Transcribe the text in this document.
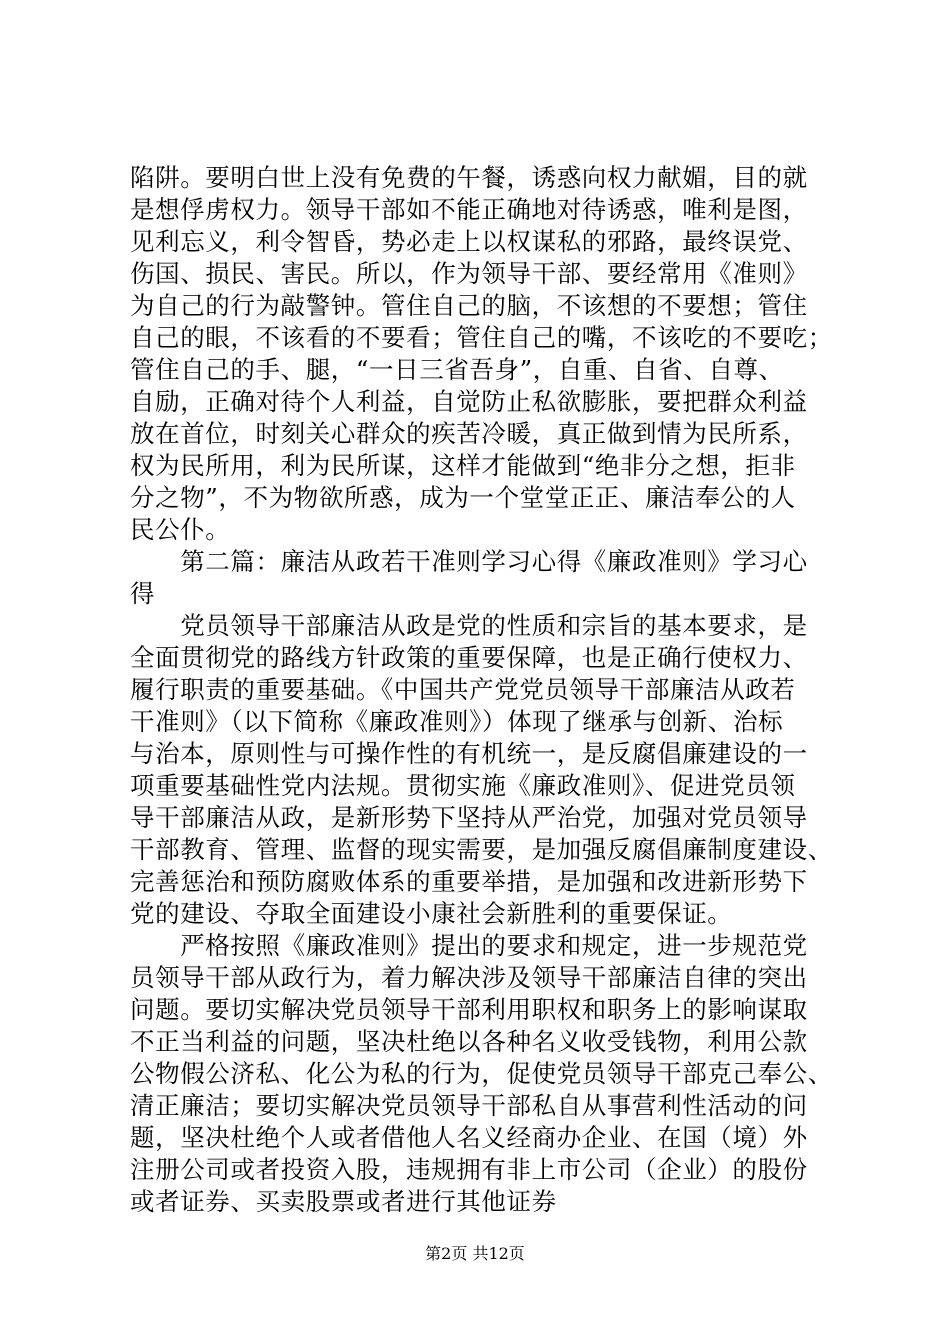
陷阱。要明白世上没有免费的午餐，诱惑向权力献媚，目的就
是想俘虏权力。领导干部如不能正确地对待诱惑，唯利是图，
见利忘义，利令智昏，势必走上以权谋私的邪路，最终误党、
伤国、损民、害民。所以，作为领导干部、要经常用《准则》
为自己的行为敲警钟。管住自己的脑，不该想的不要想；管住
自己的眼，不该看的不要看；管住自己的嘴，不该吃的不要吃；
管住自己的手、腿，“一日三省吾身”，自重、自省、自尊、
自励，正确对待个人利益，自觉防止私欲膨胀，要把群众利益
放在首位，时刻关心群众的疾苦冷暖，真正做到情为民所系，
权为民所用，利为民所谋，这样才能做到“绝非分之想，拒非
分之物”，不为物欲所惑，成为一个堂堂正正、廉洁奉公的人
民公仆。
　　第二篇：廉洁从政若干准则学习心得《廉政准则》学习心
得
　　党员领导干部廉洁从政是党的性质和宗旨的基本要求，是
全面贯彻党的路线方针政策的重要保障，也是正确行使权力、
履行职责的重要基础。《中国共产党党员领导干部廉洁从政若
干准则》（以下简称《廉政准则》）体现了继承与创新、治标
与治本，原则性与可操作性的有机统一，是反腐倡廉建设的一
项重要基础性党内法规。贯彻实施《廉政准则》、促进党员领
导干部廉洁从政，是新形势下坚持从严治党，加强对党员领导
干部教育、管理、监督的现实需要，是加强反腐倡廉制度建设、
完善惩治和预防腐败体系的重要举措，是加强和改进新形势下
党的建设、夺取全面建设小康社会新胜利的重要保证。
　　严格按照《廉政准则》提出的要求和规定，进一步规范党
员领导干部从政行为，着力解决涉及领导干部廉洁自律的突出
问题。要切实解决党员领导干部利用职权和职务上的影响谋取
不正当利益的问题，坚决杜绝以各种名义收受钱物，利用公款
公物假公济私、化公为私的行为，促使党员领导干部克己奉公、
清正廉洁；要切实解决党员领导干部私自从事营利性活动的问
题，坚决杜绝个人或者借他人名义经商办企业、在国（境）外
注册公司或者投资入股，违规拥有非上市公司（企业）的股份
或者证券、买卖股票或者进行其他证券
第2页 共12页
